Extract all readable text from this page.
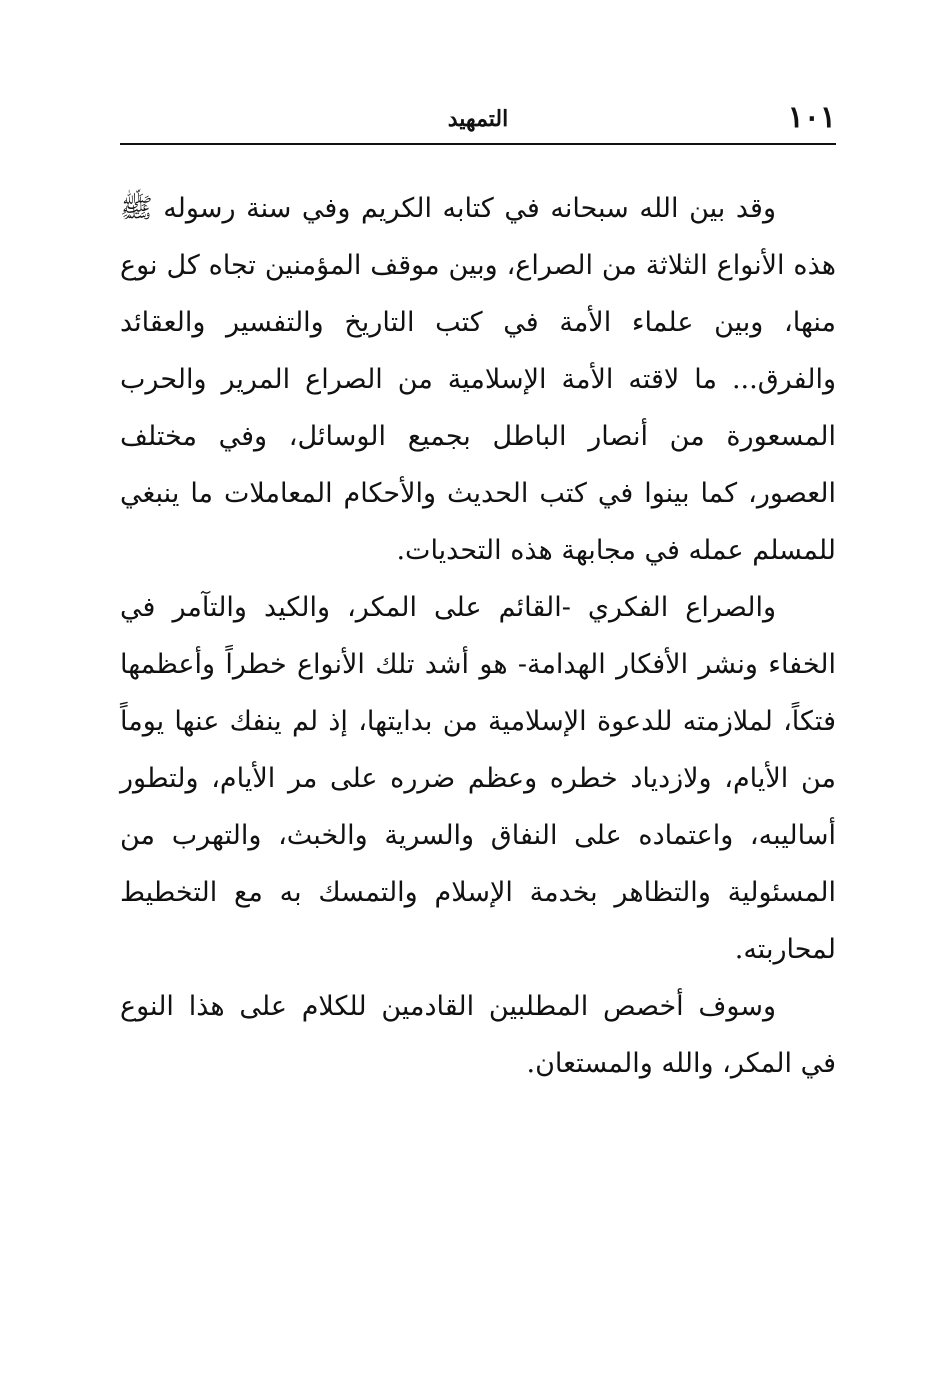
١٠١
التمهيد

وقد بين الله سبحانه في كتابه الكريم وفي سنة رسوله ﷺ هذه الأنواع الثلاثة من الصراع، وبين موقف المؤمنين تجاه كل نوع منها، وبين علماء الأمة في كتب التاريخ والتفسير والعقائد والفرق... ما لاقته الأمة الإسلامية من الصراع المرير والحرب المسعورة من أنصار الباطل بجميع الوسائل، وفي مختلف العصور، كما بينوا في كتب الحديث والأحكام المعاملات ما ينبغي للمسلم عمله في مجابهة هذه التحديات.

والصراع الفكري -القائم على المكر، والكيد والتآمر في الخفاء ونشر الأفكار الهدامة- هو أشد تلك الأنواع خطراً وأعظمها فتكاً، لملازمته للدعوة الإسلامية من بدايتها، إذ لم ينفك عنها يوماً من الأيام، ولازدياد خطره وعظم ضرره على مر الأيام، ولتطور أساليبه، واعتماده على النفاق والسرية والخبث، والتهرب من المسئولية والتظاهر بخدمة الإسلام والتمسك به مع التخطيط لمحاربته.

وسوف أخصص المطلبين القادمين للكلام على هذا النوع في المكر، والله والمستعان.
